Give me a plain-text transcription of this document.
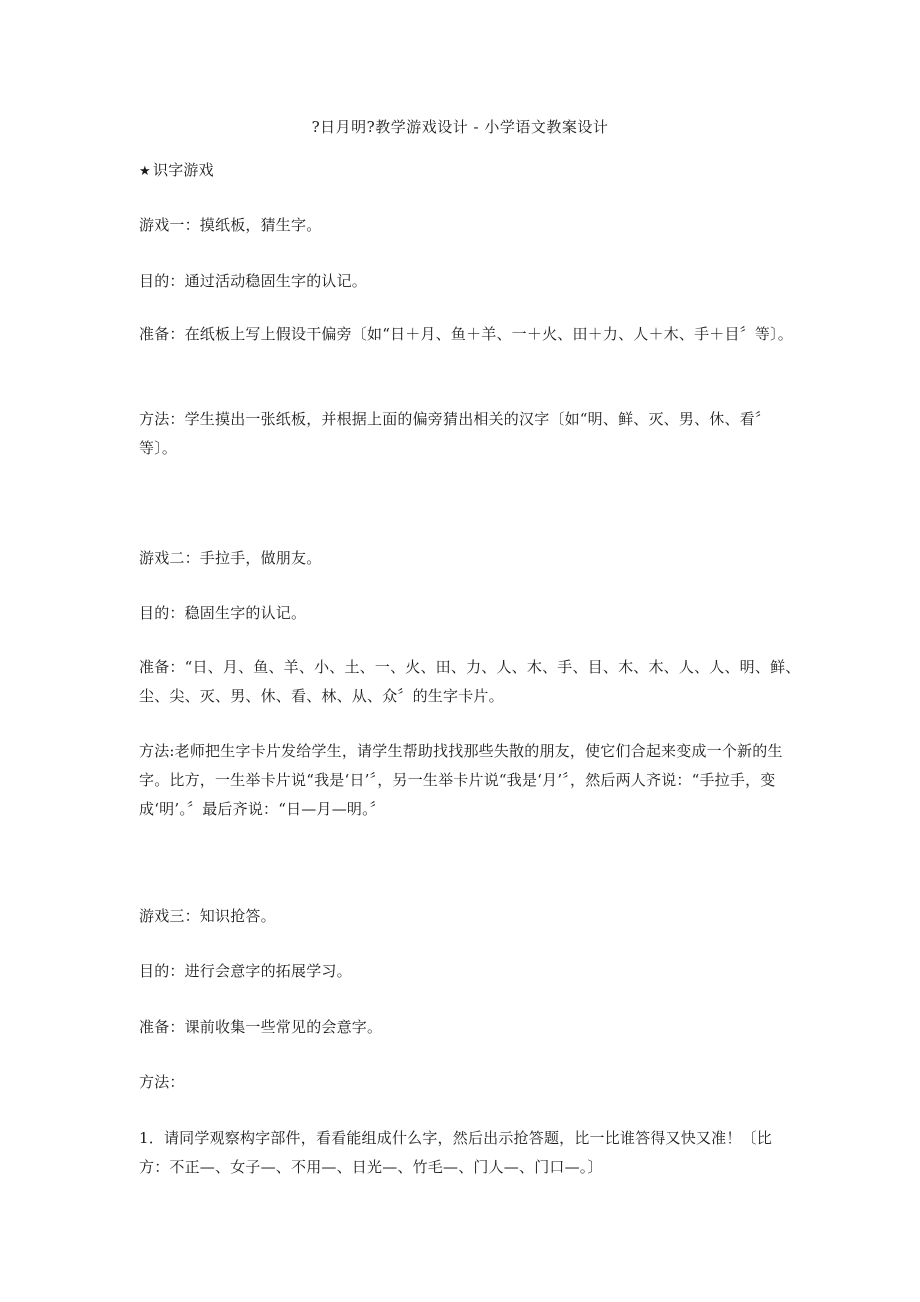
?日月明?教学游戏设计 - 小学语文教案设计

★ 识字游戏

游戏一：摸纸板，猜生字。

目的：通过活动稳固生字的认记。

准备：在纸板上写上假设干偏旁〔如“日＋月、鱼＋羊、一＋火、田＋力、人＋木、手＋目〞等〕。

方法：学生摸出一张纸板，并根据上面的偏旁猜出相关的汉字〔如“明、鲜、灭、男、休、看〞等〕。

游戏二：手拉手，做朋友。

目的：稳固生字的认记。

准备：“日、月、鱼、羊、小、土、一、火、田、力、人、木、手、目、木、木、人、人、明、鲜、尘、尖、灭、男、休、看、林、从、众〞的生字卡片。

方法:老师把生字卡片发给学生，请学生帮助找找那些失散的朋友，使它们合起来变成一个新的生字。比方，一生举卡片说“我是‘日’〞，另一生举卡片说“我是‘月’〞，然后两人齐说：“手拉手，变成‘明’。〞最后齐说：“日—月—明。〞

游戏三：知识抢答。

目的：进行会意字的拓展学习。

准备：课前收集一些常见的会意字。

方法：

1．请同学观察构字部件，看看能组成什么字，然后出示抢答题，比一比谁答得又快又准！〔比方：不正—、女子—、不用—、日光—、竹毛—、门人—、门口—。〕
